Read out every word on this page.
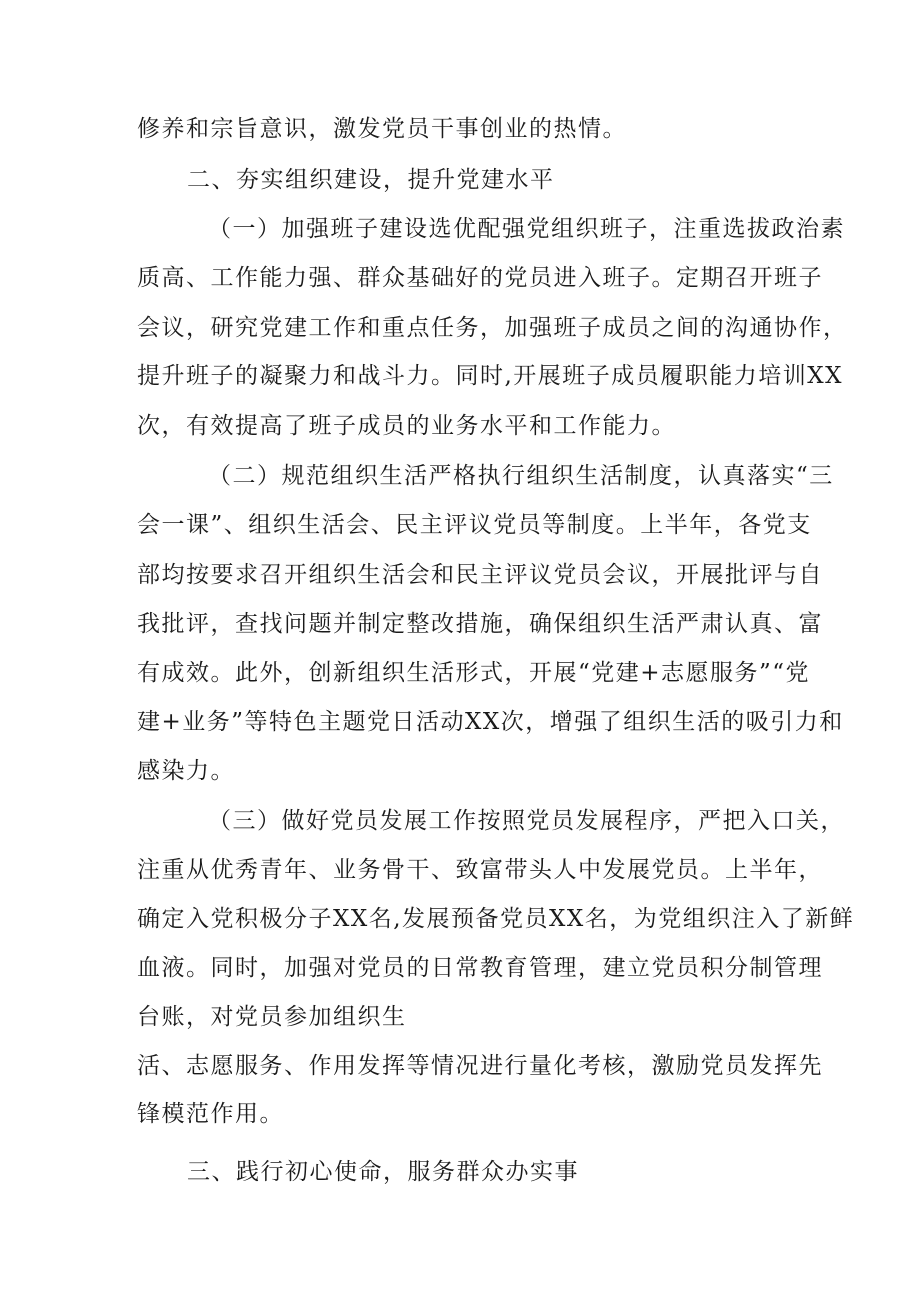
修养和宗旨意识，激发党员干事创业的热情。

二、夯实组织建设，提升党建水平

（一）加强班子建设选优配强党组织班子，注重选拔政治素

质高、工作能力强、群众基础好的党员进入班子。定期召开班子

会议，研究党建工作和重点任务，加强班子成员之间的沟通协作，

提升班子的凝聚力和战斗力。同时,开展班子成员履职能力培训XX

次，有效提高了班子成员的业务水平和工作能力。

（二）规范组织生活严格执行组织生活制度，认真落实“三

会一课”、组织生活会、民主评议党员等制度。上半年，各党支

部均按要求召开组织生活会和民主评议党员会议，开展批评与自

我批评，查找问题并制定整改措施，确保组织生活严肃认真、富

有成效。此外，创新组织生活形式，开展“党建+志愿服务”“党

建+业务”等特色主题党日活动XX次，增强了组织生活的吸引力和

感染力。

（三）做好党员发展工作按照党员发展程序，严把入口关，

注重从优秀青年、业务骨干、致富带头人中发展党员。上半年，

确定入党积极分子XX名,发展预备党员XX名，为党组织注入了新鲜

血液。同时，加强对党员的日常教育管理，建立党员积分制管理

台账，对党员参加组织生

活、志愿服务、作用发挥等情况进行量化考核，激励党员发挥先

锋模范作用。

三、践行初心使命，服务群众办实事
